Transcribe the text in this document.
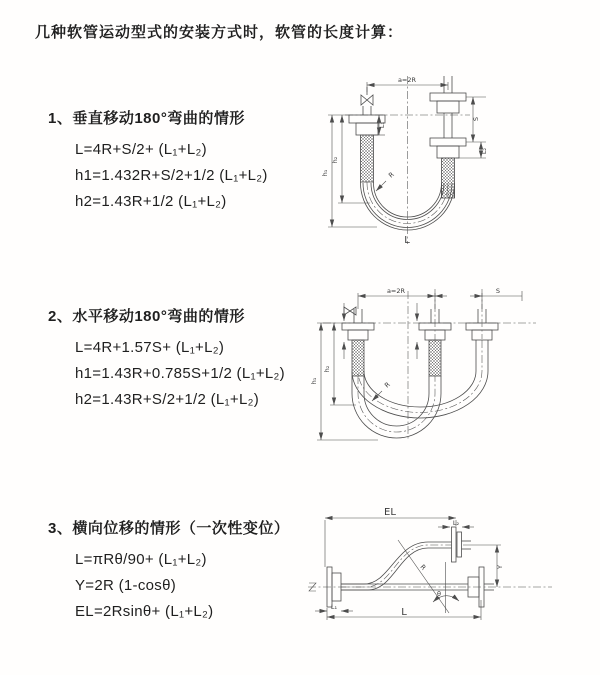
几种软管运动型式的安装方式时，软管的长度计算：
1、垂直移动180°弯曲的情形
L=4R+S/2+ (L₁+L₂)
h1=1.432R+S/2+1/2 (L₁+L₂)
h2=1.43R+1/2 (L₁+L₂)
2、水平移动180°弯曲的情形
L=4R+1.57S+ (L₁+L₂)
h1=1.43R+0.785S+1/2 (L₁+L₂)
h2=1.43R+S/2+1/2 (L₁+L₂)
3、横向位移的情形（一次性变位）
L=πRθ/90+ (L₁+L₂)
Y=2R (1-cosθ)
EL=2Rsinθ+ (L₁+L₂)
a=2R
S
L₂
L₁
h₁
h₂
R
L
a=2R	S
h₁
h₂
R
EL
L₂
Y
L₁	L
R
θ
